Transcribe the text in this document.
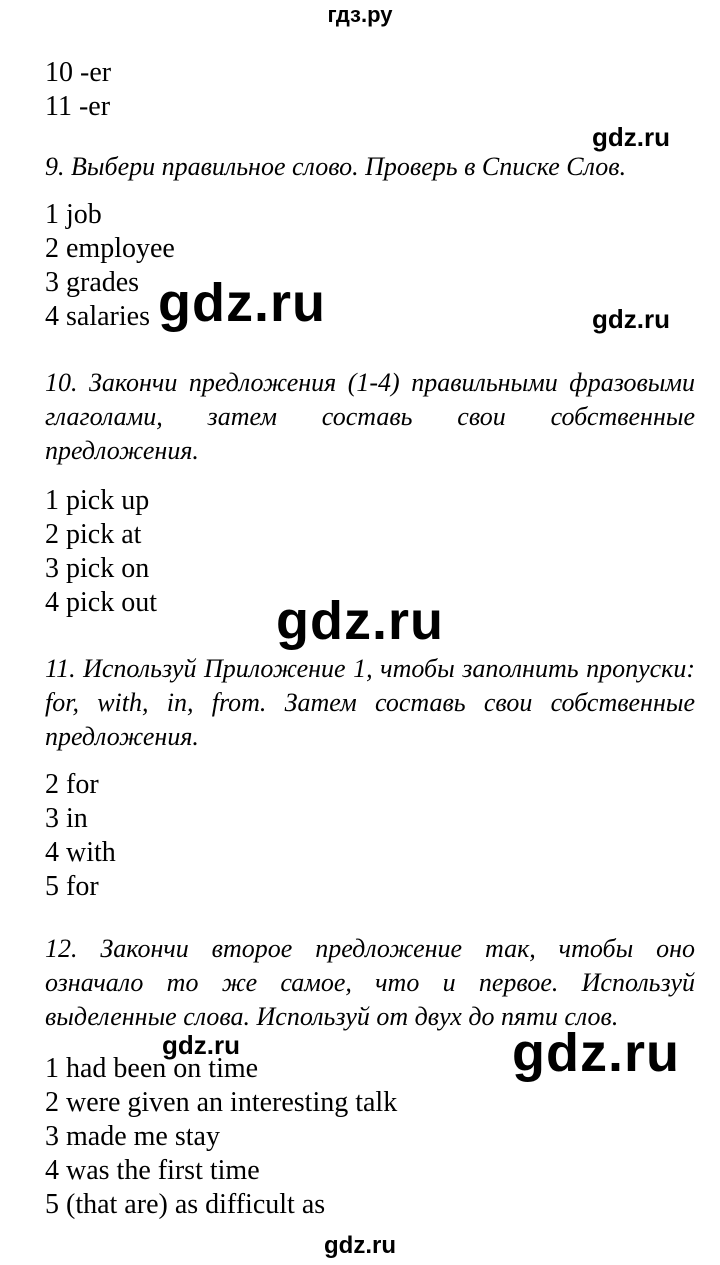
гдз.ру
10 -er
11 -er
gdz.ru

9. Выбери правильное слово. Проверь в Списке Слов.

1 job
2 employee
3 grades
4 salaries gdz.ru	gdz.ru

10. Закончи предложения (1-4) правильными фразовыми глаголами, затем составь свои собственные предложения.

1 pick up
2 pick at
3 pick on
4 pick out gdz.ru

11. Используй Приложение 1, чтобы заполнить пропуски: for, with, in, from. Затем составь свои собственные предложения.

2 for
3 in
4 with
5 for

12. Закончи второе предложение так, чтобы оно означало то же самое, что и первое. Используй выделенные слова. Используй от двух до пяти слов.

gdz.ru	gdz.ru
1 had been on time
2 were given an interesting talk
3 made me stay
4 was the first time
5 (that are) as difficult as
gdz.ru
